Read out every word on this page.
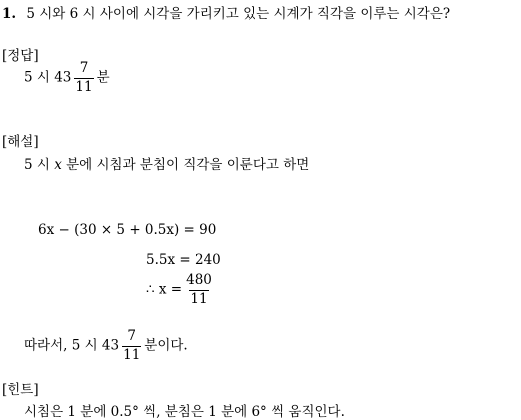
1. 5 시와 6 시 사이에 시각을 가리키고 있는 시계가 직각을 이루는 시각은?
[정답]
5 시 $43 \frac{7}{11}$ 분
[해설]
5 시 x 분에 시침과 분침이 직각을 이룬다고 하면
6x − (30 × 5 + 0.5x) = 90
5.5x = 240
∴ $x = \frac{480}{11}$
따라서, 5 시 $43 \frac{7}{11}$ 분이다.
[힌트]
시침은 1 분에 0.5° 씩, 분침은 1 분에 6° 씩 움직인다.
